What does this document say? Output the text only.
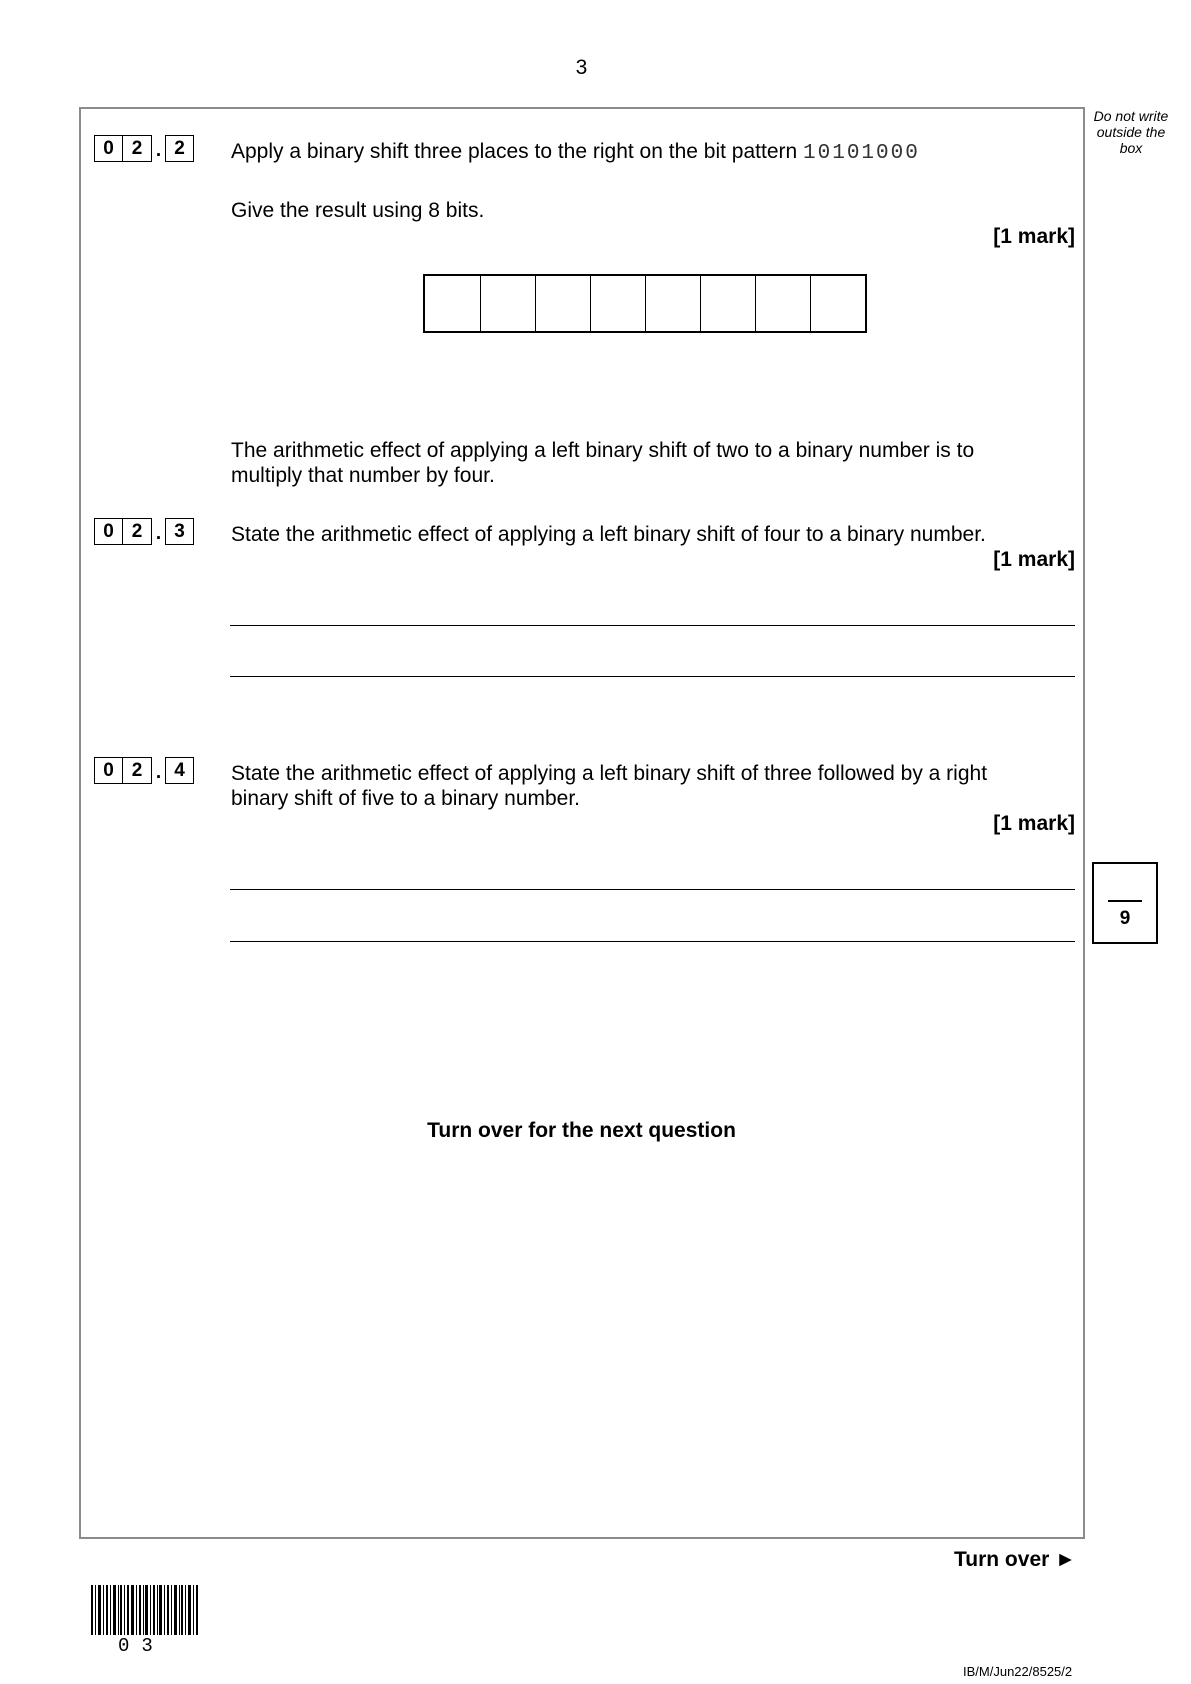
3
Do not write
outside the
box
0 2 . 2	Apply a binary shift three places to the right on the bit pattern 10101000
Give the result using 8 bits.
[1 mark]
The arithmetic effect of applying a left binary shift of two to a binary number is to
multiply that number by four.
0 2 . 3	State the arithmetic effect of applying a left binary shift of four to a binary number.
[1 mark]
0 2 . 4	State the arithmetic effect of applying a left binary shift of three followed by a right
binary shift of five to a binary number.
[1 mark]
9
Turn over for the next question
Turn over ►
03
IB/M/Jun22/8525/2
